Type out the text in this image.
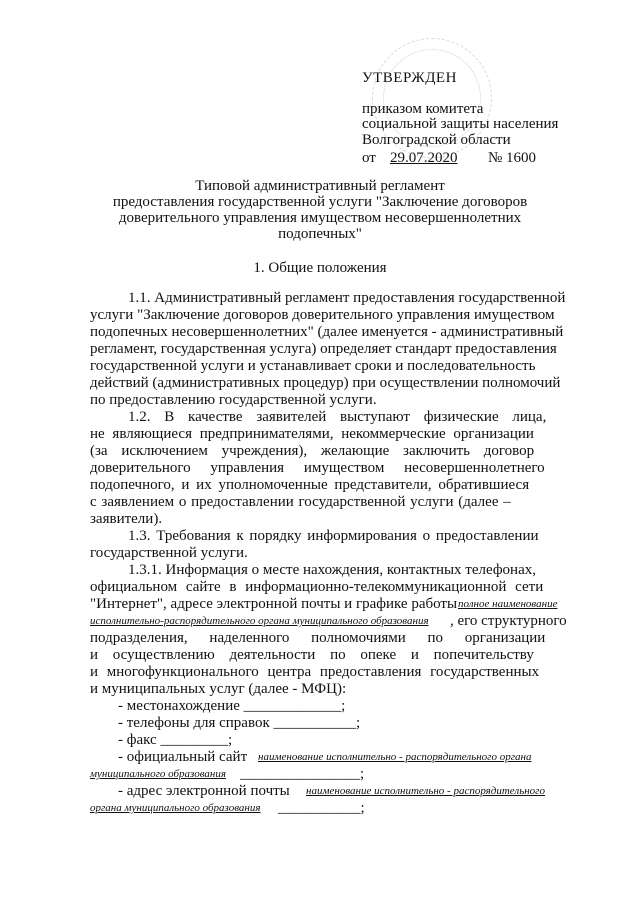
УТВЕРЖДЕН
приказом комитета
социальной защиты населения
Волгоградской области
от 29.07.2020 № 1600
Типовой административный регламент
предоставления государственной услуги "Заключение договоров
доверительного управления имуществом несовершеннолетних
подопечных"
1. Общие положения
1.1. Административный регламент предоставления государственной
услуги "Заключение договоров доверительного управления имуществом
подопечных несовершеннолетних" (далее именуется - административный
регламент, государственная услуга) определяет стандарт предоставления
государственной услуги и устанавливает сроки и последовательность
действий (административных процедур) при осуществлении полномочий
по предоставлению государственной услуги.
1.2. В качестве заявителей выступают физические лица,
не являющиеся предпринимателями, некоммерческие организации
(за исключением учреждения), желающие заключить договор
доверительного управления имуществом несовершеннолетнего
подопечного, и их уполномоченные представители, обратившиеся
с заявлением о предоставлении государственной услуги (далее –
заявители).
1.3. Требования к порядку информирования о предоставлении
государственной услуги.
1.3.1. Информация о месте нахождения, контактных телефонах,
официальном сайте в информационно-телекоммуникационной сети
"Интернет", адресе электронной почты и графике работы полное наименование
исполнительно-распорядительного органа муниципального образования , его структурного
подразделения, наделенного полномочиями по организации
и осуществлению деятельности по опеке и попечительству
и многофункционального центра предоставления государственных
и муниципальных услуг (далее - МФЦ):
- местонахождение _____________;
- телефоны для справок ___________;
- факс _________;
- официальный сайт наименование исполнительно - распорядительного органа
муниципального образования ________________;
- адрес электронной почты наименование исполнительно - распорядительного
органа муниципального образования ___________;
